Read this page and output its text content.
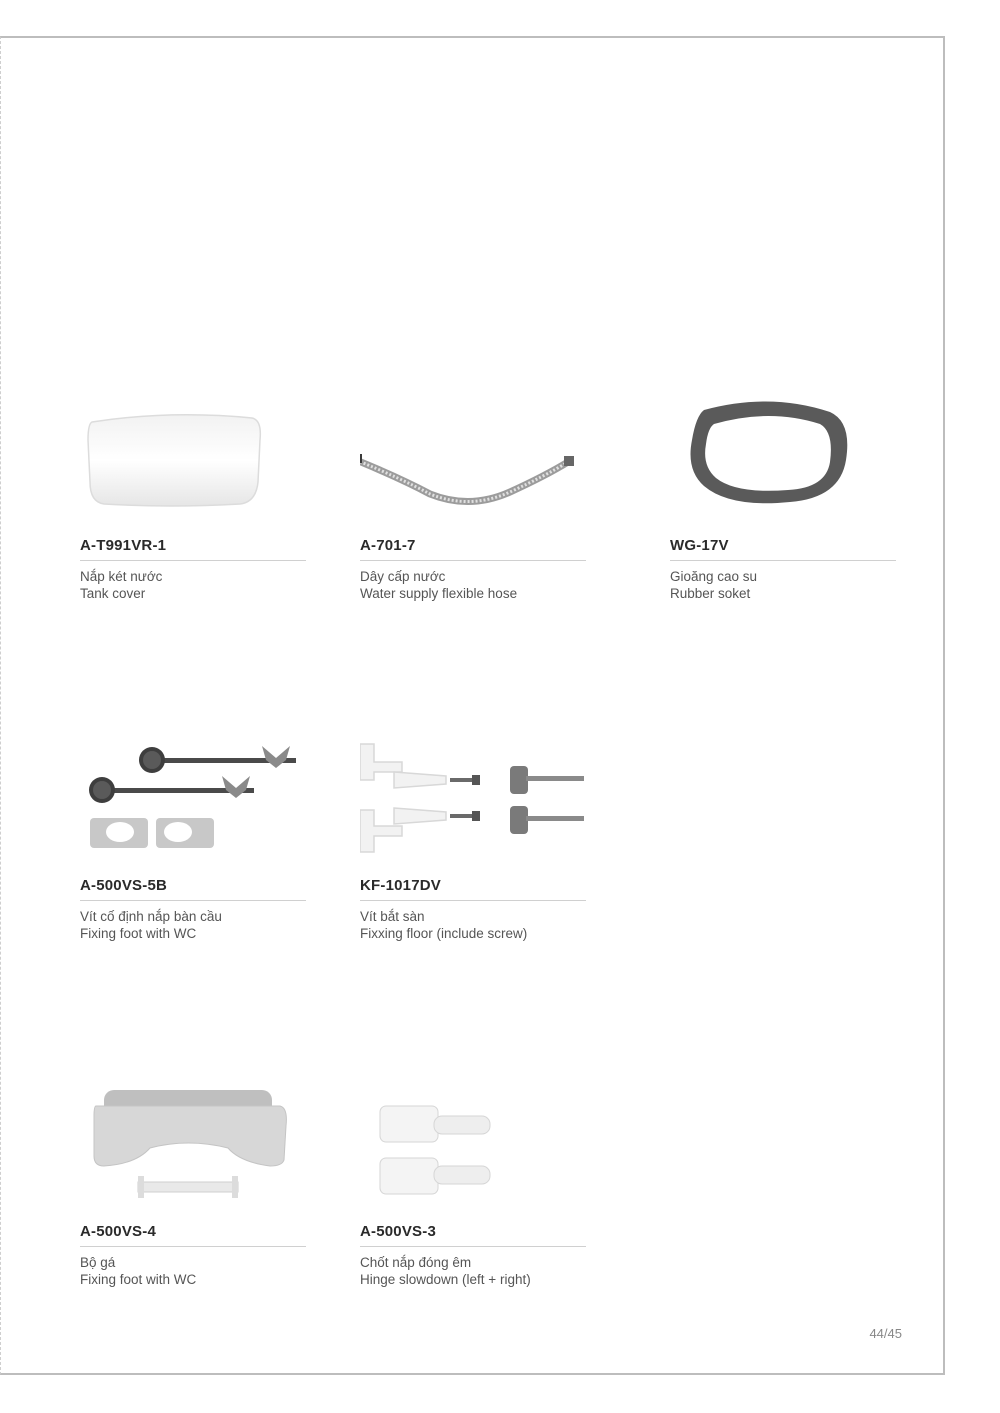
A-T991VR-1
Nắp két nước
Tank cover
A-701-7
Dây cấp nước
Water supply flexible hose
WG-17V
Gioăng cao su
Rubber soket
A-500VS-5B
Vít cố định nắp bàn cầu
Fixing foot with WC
KF-1017DV
Vít bắt sàn
Fixxing floor (include screw)
A-500VS-4
Bộ gá
Fixing foot with WC
A-500VS-3
Chốt nắp đóng êm
Hinge slowdown (left + right)
44/45
